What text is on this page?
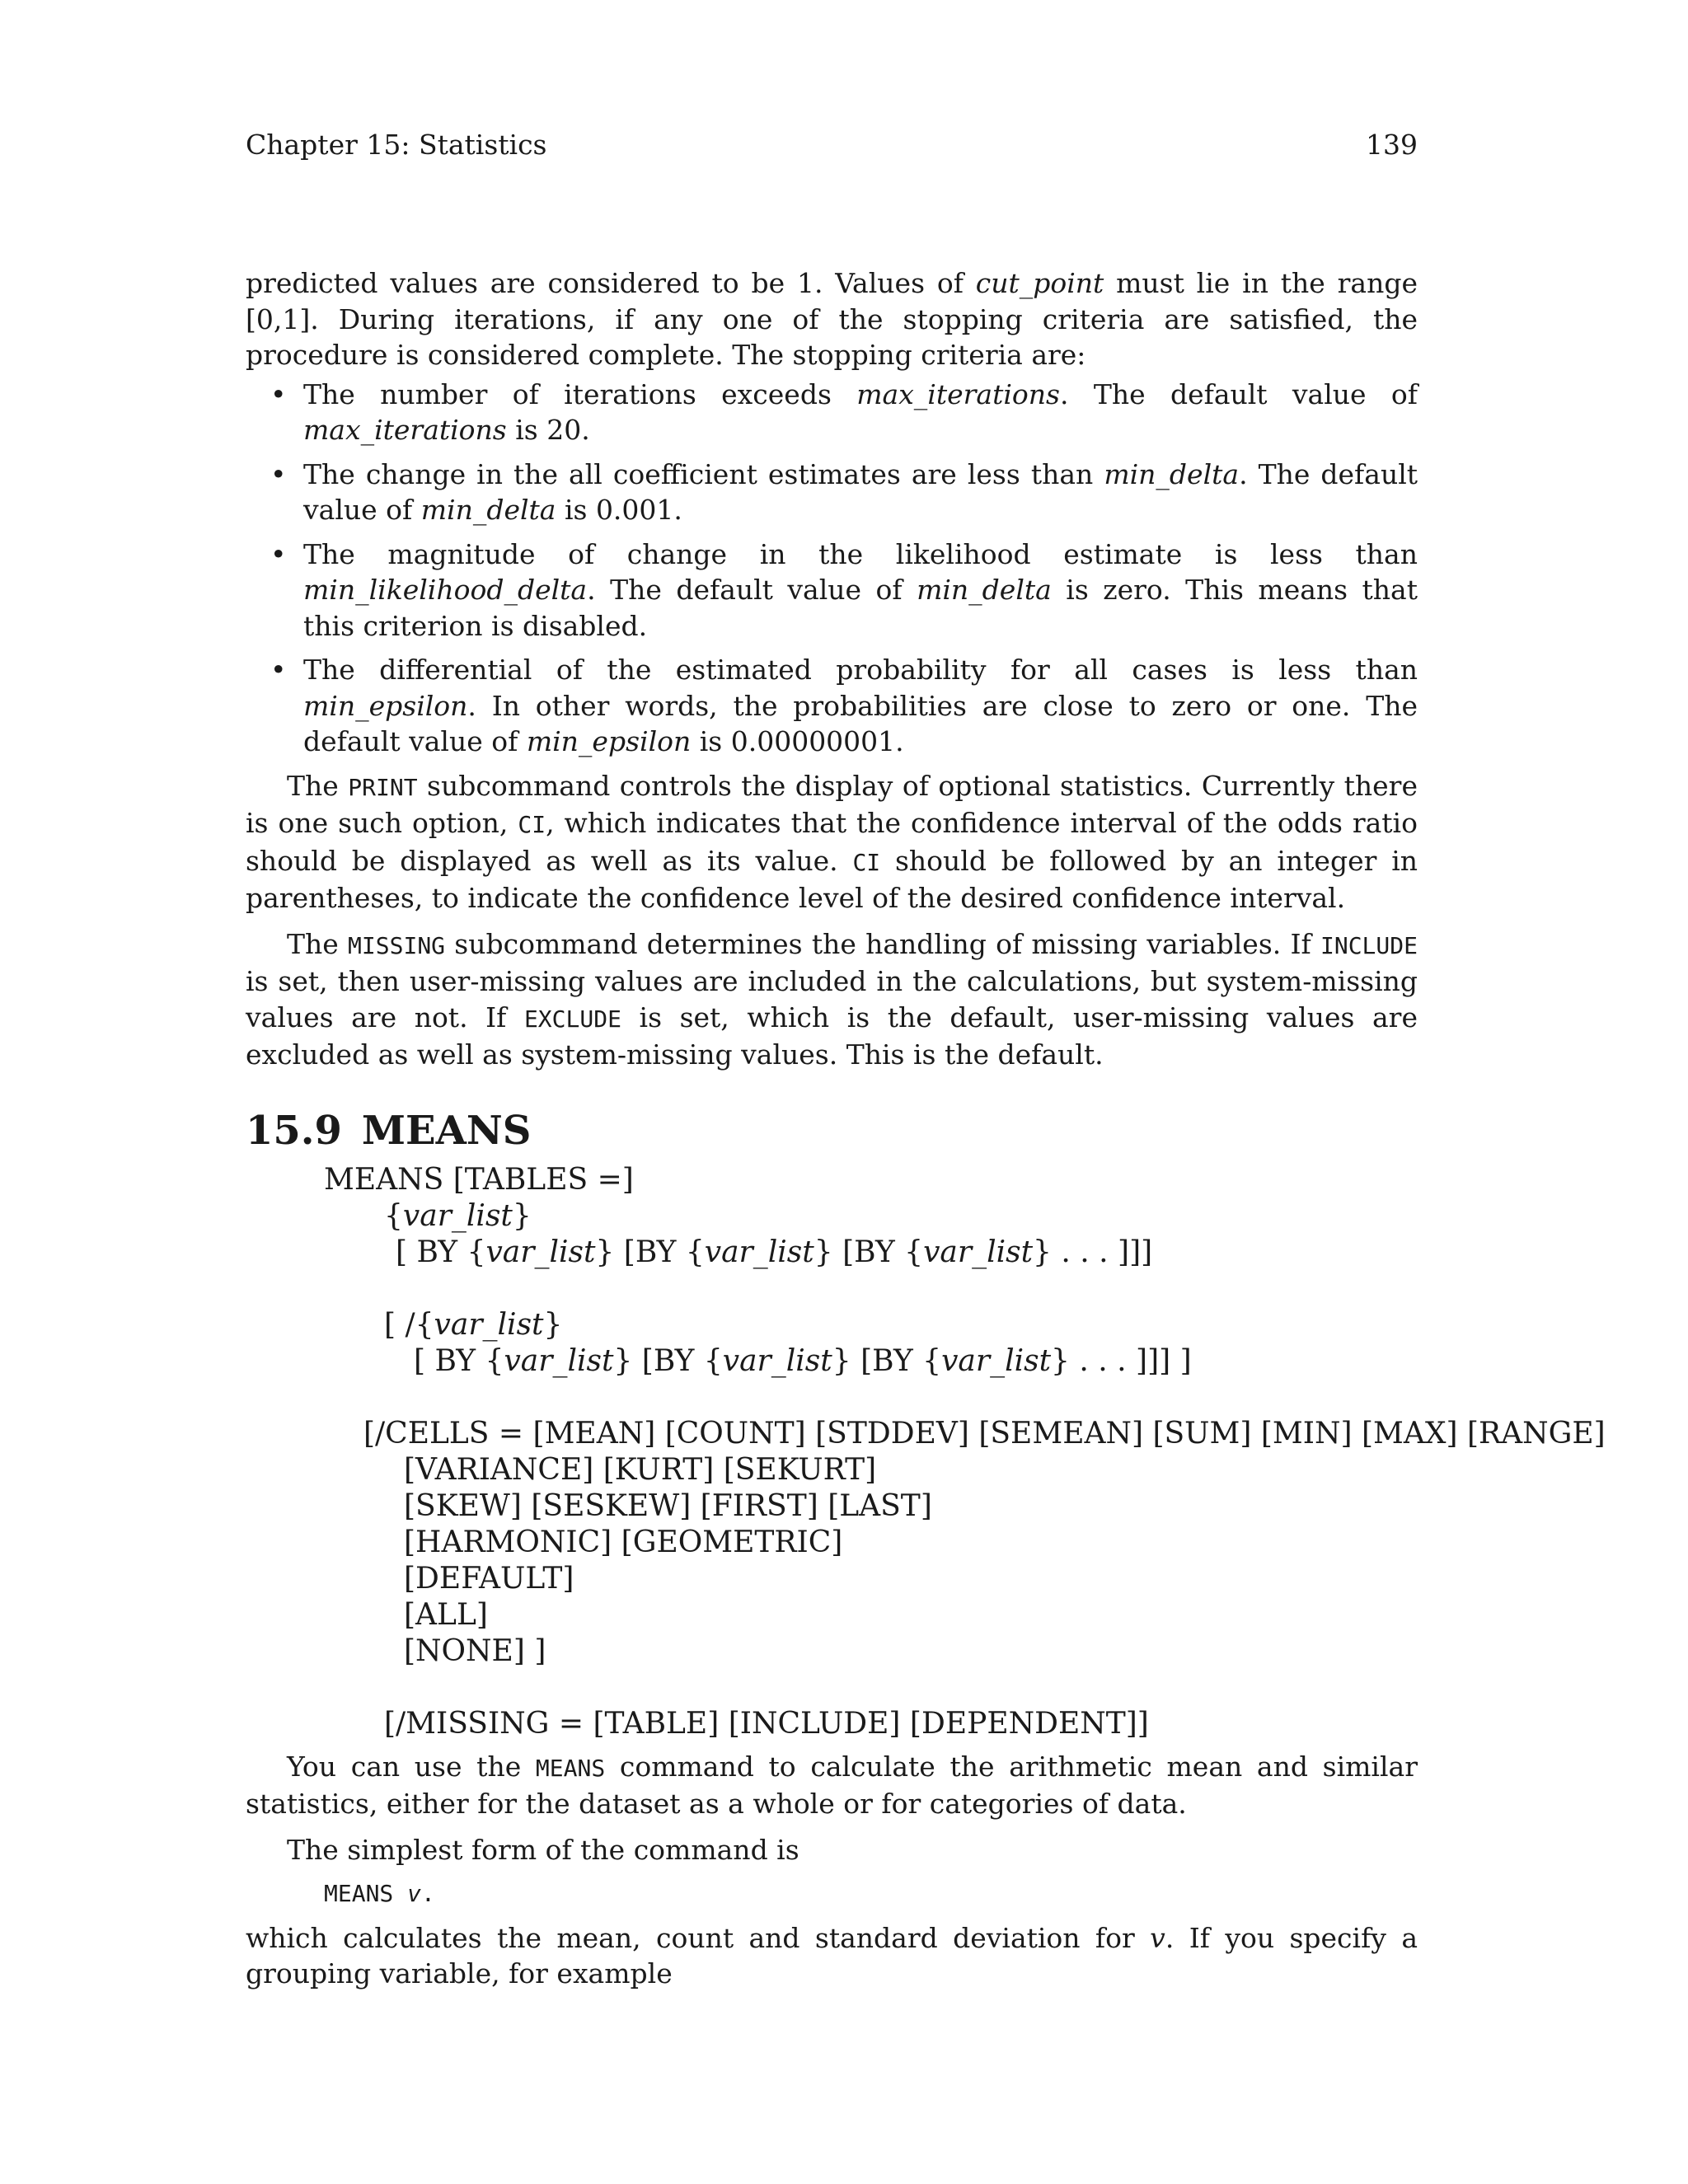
Chapter 15: Statistics	139

predicted values are considered to be 1. Values of cut_point must lie in the range [0,1]. During iterations, if any one of the stopping criteria are satisfied, the procedure is considered complete. The stopping criteria are:

• The number of iterations exceeds max_iterations. The default value of max_iterations is 20.
• The change in the all coefficient estimates are less than min_delta. The default value of min_delta is 0.001.
• The magnitude of change in the likelihood estimate is less than min_likelihood_delta. The default value of min_delta is zero. This means that this criterion is disabled.
• The differential of the estimated probability for all cases is less than min_epsilon. In other words, the probabilities are close to zero or one. The default value of min_epsilon is 0.00000001.

The PRINT subcommand controls the display of optional statistics. Currently there is one such option, CI, which indicates that the confidence interval of the odds ratio should be displayed as well as its value. CI should be followed by an integer in parentheses, to indicate the confidence level of the desired confidence interval.

The MISSING subcommand determines the handling of missing variables. If INCLUDE is set, then user-missing values are included in the calculations, but system-missing values are not. If EXCLUDE is set, which is the default, user-missing values are excluded as well as system-missing values. This is the default.

15.9 MEANS
MEANS [TABLES =]
{var_list}
[ BY {var_list} [BY {var_list} [BY {var_list} . . . ]]]
[ /{var_list}
[ BY {var_list} [BY {var_list} [BY {var_list} . . . ]]] ]
[/CELLS = [MEAN] [COUNT] [STDDEV] [SEMEAN] [SUM] [MIN] [MAX] [RANGE]
[VARIANCE] [KURT] [SEKURT]
[SKEW] [SESKEW] [FIRST] [LAST]
[HARMONIC] [GEOMETRIC]
[DEFAULT]
[ALL]
[NONE] ]
[/MISSING = [TABLE] [INCLUDE] [DEPENDENT]]

You can use the MEANS command to calculate the arithmetic mean and similar statistics, either for the dataset as a whole or for categories of data.

The simplest form of the command is

MEANS v.

which calculates the mean, count and standard deviation for v. If you specify a grouping variable, for example
